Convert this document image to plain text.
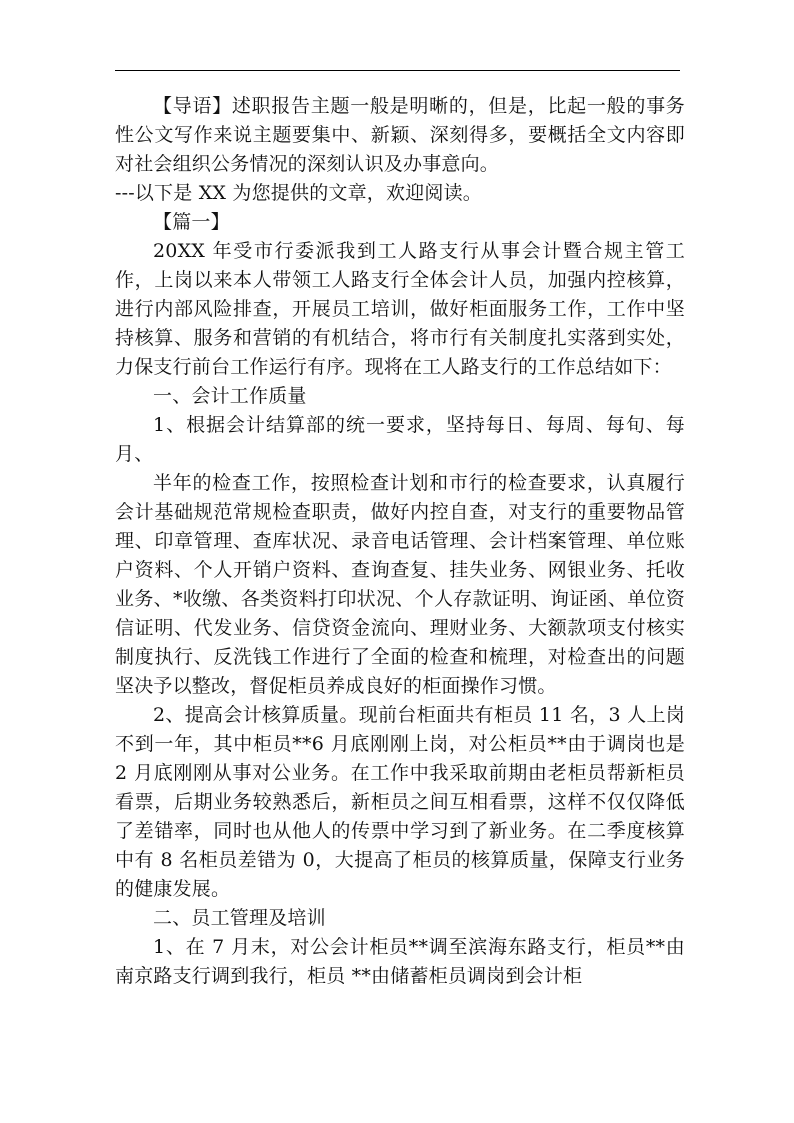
【导语】述职报告主题一般是明晰的，但是，比起一般的事务性公文写作来说主题要集中、新颖、深刻得多，要概括全文内容即对社会组织公务情况的深刻认识及办事意向。

---以下是 XX 为您提供的文章，欢迎阅读。

【篇一】

20XX 年受市行委派我到工人路支行从事会计暨合规主管工作，上岗以来本人带领工人路支行全体会计人员，加强内控核算，进行内部风险排查，开展员工培训，做好柜面服务工作，工作中坚持核算、服务和营销的有机结合，将市行有关制度扎实落到实处，力保支行前台工作运行有序。现将在工人路支行的工作总结如下：

一、会计工作质量

1、根据会计结算部的统一要求，坚持每日、每周、每旬、每月、

半年的检查工作，按照检查计划和市行的检查要求，认真履行会计基础规范常规检查职责，做好内控自查，对支行的重要物品管理、印章管理、查库状况、录音电话管理、会计档案管理、单位账户资料、个人开销户资料、查询查复、挂失业务、网银业务、托收业务、*收缴、各类资料打印状况、个人存款证明、询证函、单位资信证明、代发业务、信贷资金流向、理财业务、大额款项支付核实制度执行、反洗钱工作进行了全面的检查和梳理，对检查出的问题坚决予以整改，督促柜员养成良好的柜面操作习惯。

2、提高会计核算质量。现前台柜面共有柜员 11 名，3 人上岗不到一年，其中柜员**6 月底刚刚上岗，对公柜员**由于调岗也是 2 月底刚刚从事对公业务。在工作中我采取前期由老柜员帮新柜员看票，后期业务较熟悉后，新柜员之间互相看票，这样不仅仅降低了差错率，同时也从他人的传票中学习到了新业务。在二季度核算中有 8 名柜员差错为 0，大提高了柜员的核算质量，保障支行业务的健康发展。

二、员工管理及培训

1、在 7 月末，对公会计柜员**调至滨海东路支行，柜员**由南京路支行调到我行，柜员 **由储蓄柜员调岗到会计柜
